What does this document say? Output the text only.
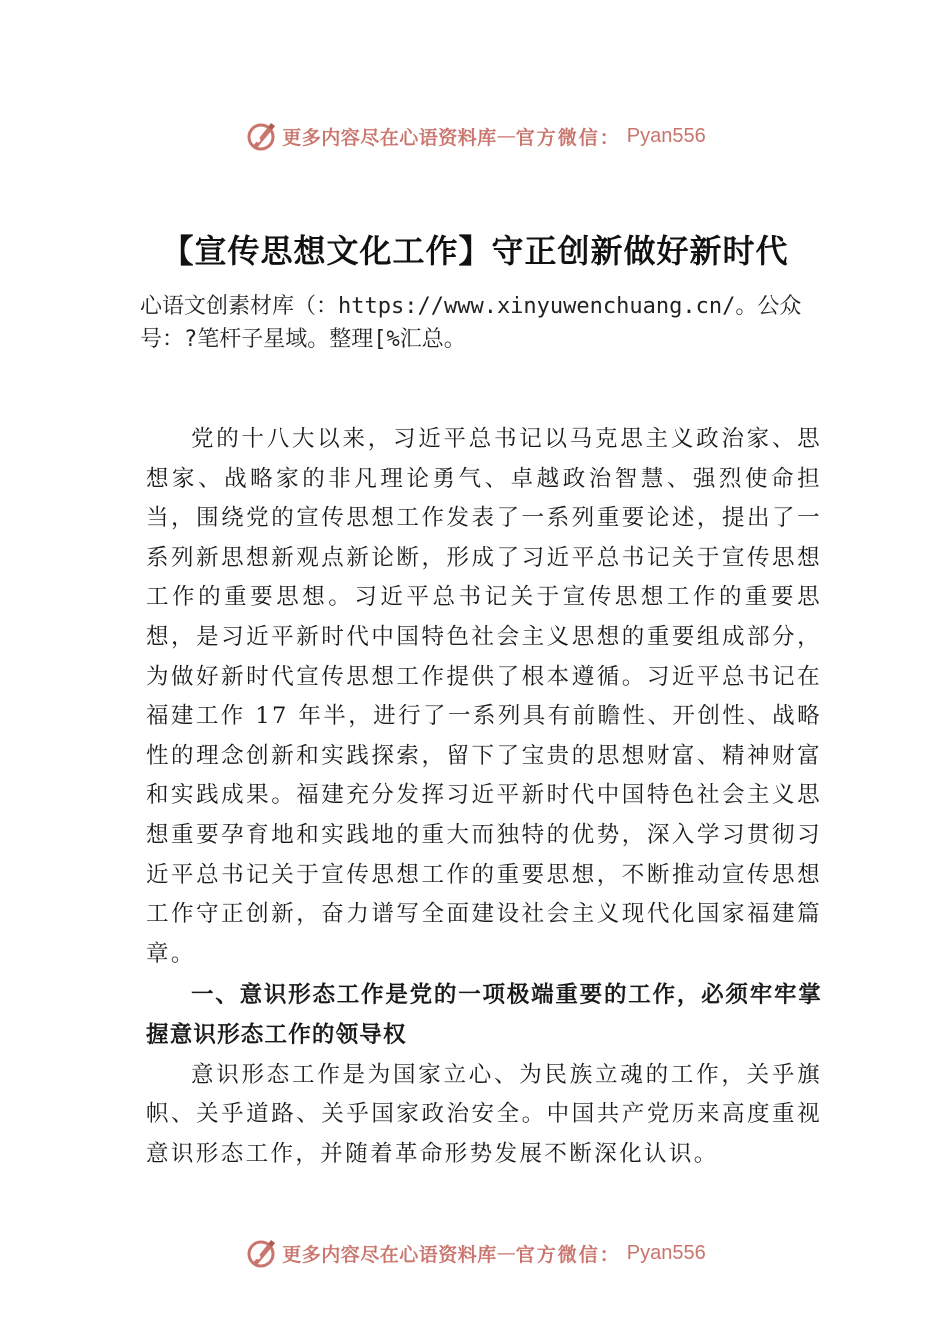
更多内容尽在心语资料库 — 官方微信： Pyan556
【宣传思想文化工作】守正创新做好新时代
心语文创素材库（：https://www.xinyuwenchuang.cn/。公众号：?笔杆子星域。整理[%汇总。

党的十八大以来，习近平总书记以马克思主义政治家、思想家、战略家的非凡理论勇气、卓越政治智慧、强烈使命担当，围绕党的宣传思想工作发表了一系列重要论述，提出了一系列新思想新观点新论断，形成了习近平总书记关于宣传思想工作的重要思想。习近平总书记关于宣传思想工作的重要思想，是习近平新时代中国特色社会主义思想的重要组成部分，为做好新时代宣传思想工作提供了根本遵循。习近平总书记在福建工作 17 年半，进行了一系列具有前瞻性、开创性、战略性的理念创新和实践探索，留下了宝贵的思想财富、精神财富和实践成果。福建充分发挥习近平新时代中国特色社会主义思想重要孕育地和实践地的重大而独特的优势，深入学习贯彻习近平总书记关于宣传思想工作的重要思想，不断推动宣传思想工作守正创新，奋力谱写全面建设社会主义现代化国家福建篇章。

一、意识形态工作是党的一项极端重要的工作，必须牢牢掌握意识形态工作的领导权

意识形态工作是为国家立心、为民族立魂的工作，关乎旗帜、关乎道路、关乎国家政治安全。中国共产党历来高度重视意识形态工作，并随着革命形势发展不断深化认识。

更多内容尽在心语资料库 — 官方微信： Pyan556
